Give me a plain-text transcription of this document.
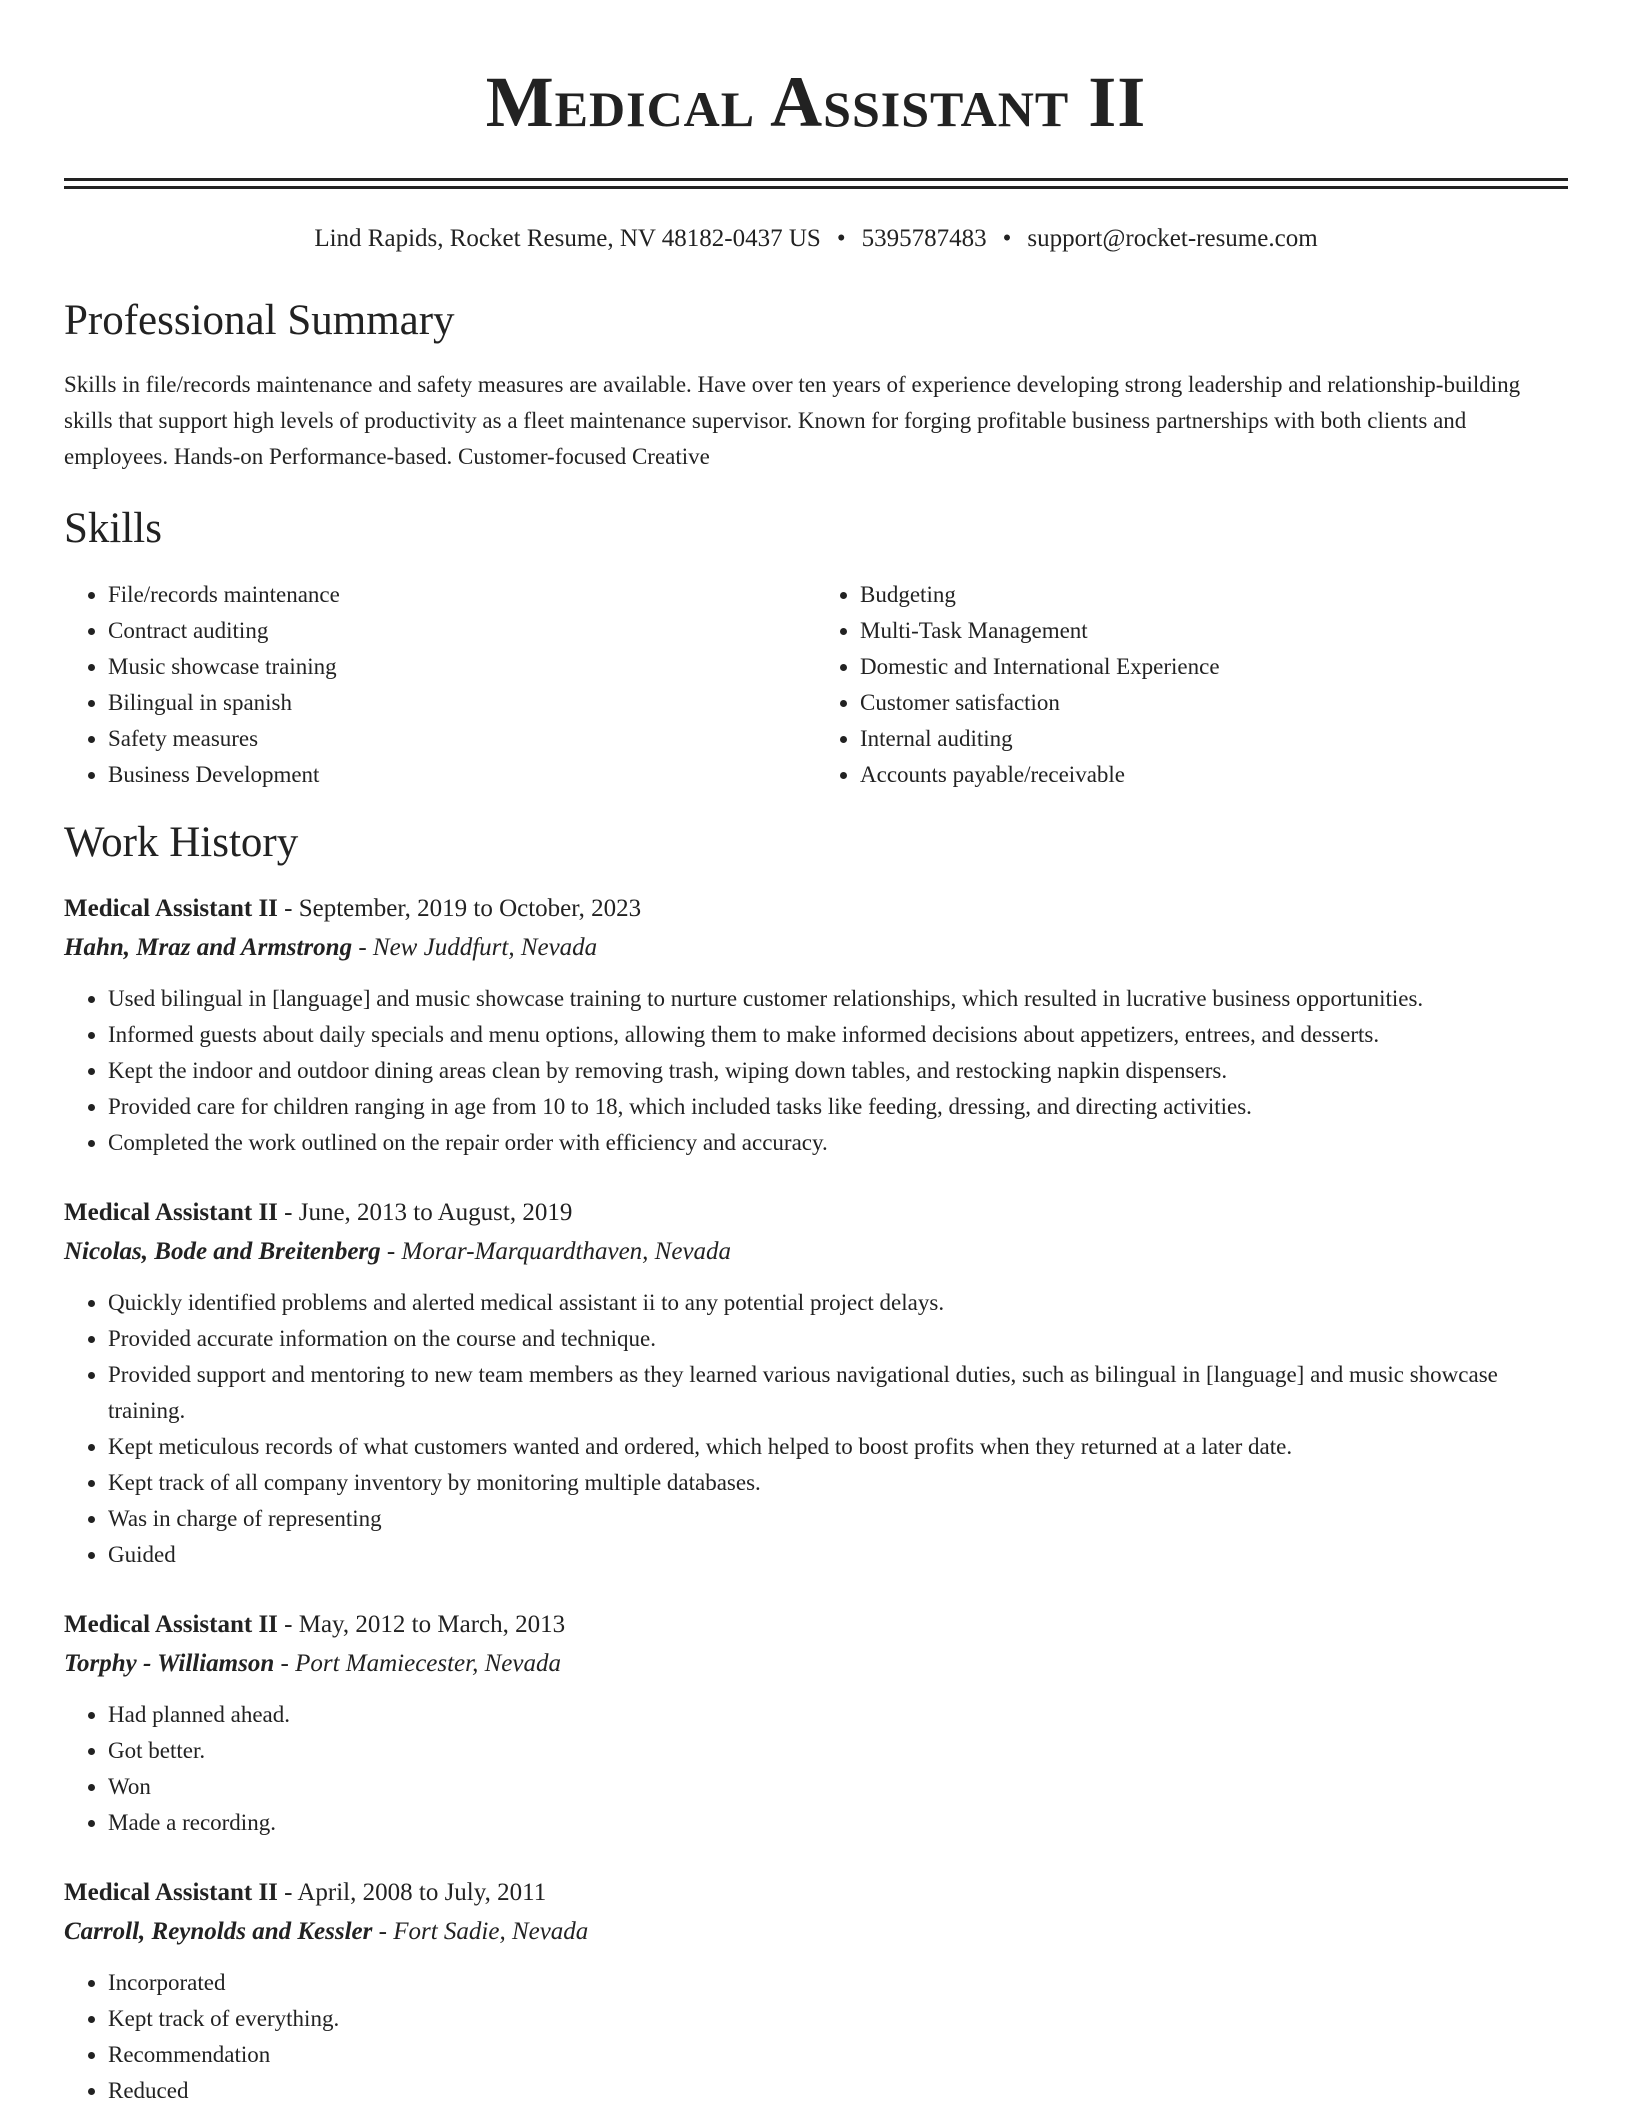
Medical Assistant II
Lind Rapids, Rocket Resume, NV 48182-0437 US • 5395787483 • support@rocket-resume.com
Professional Summary

Skills in file/records maintenance and safety measures are available. Have over ten years of experience developing strong leadership and relationship-building skills that support high levels of productivity as a fleet maintenance supervisor. Known for forging profitable business partnerships with both clients and employees. Hands-on Performance-based. Customer-focused Creative

Skills
• File/records maintenance
• Contract auditing
• Music showcase training
• Bilingual in spanish
• Safety measures
• Business Development
• Budgeting
• Multi-Task Management
• Domestic and International Experience
• Customer satisfaction
• Internal auditing
• Accounts payable/receivable
Work History
Medical Assistant II - September, 2019 to October, 2023
Hahn, Mraz and Armstrong - New Juddfurt, Nevada
• Used bilingual in [language] and music showcase training to nurture customer relationships, which resulted in lucrative business opportunities.
• Informed guests about daily specials and menu options, allowing them to make informed decisions about appetizers, entrees, and desserts.
• Kept the indoor and outdoor dining areas clean by removing trash, wiping down tables, and restocking napkin dispensers.
• Provided care for children ranging in age from 10 to 18, which included tasks like feeding, dressing, and directing activities.
• Completed the work outlined on the repair order with efficiency and accuracy.
Medical Assistant II - June, 2013 to August, 2019
Nicolas, Bode and Breitenberg - Morar-Marquardthaven, Nevada
• Quickly identified problems and alerted medical assistant ii to any potential project delays.
• Provided accurate information on the course and technique.
• Provided support and mentoring to new team members as they learned various navigational duties, such as bilingual in [language] and music showcase training.
• Kept meticulous records of what customers wanted and ordered, which helped to boost profits when they returned at a later date.
• Kept track of all company inventory by monitoring multiple databases.
• Was in charge of representing
• Guided
Medical Assistant II - May, 2012 to March, 2013
Torphy - Williamson - Port Mamiecester, Nevada
• Had planned ahead.
• Got better.
• Won
• Made a recording.
Medical Assistant II - April, 2008 to July, 2011
Carroll, Reynolds and Kessler - Fort Sadie, Nevada
• Incorporated
• Kept track of everything.
• Recommendation
• Reduced
